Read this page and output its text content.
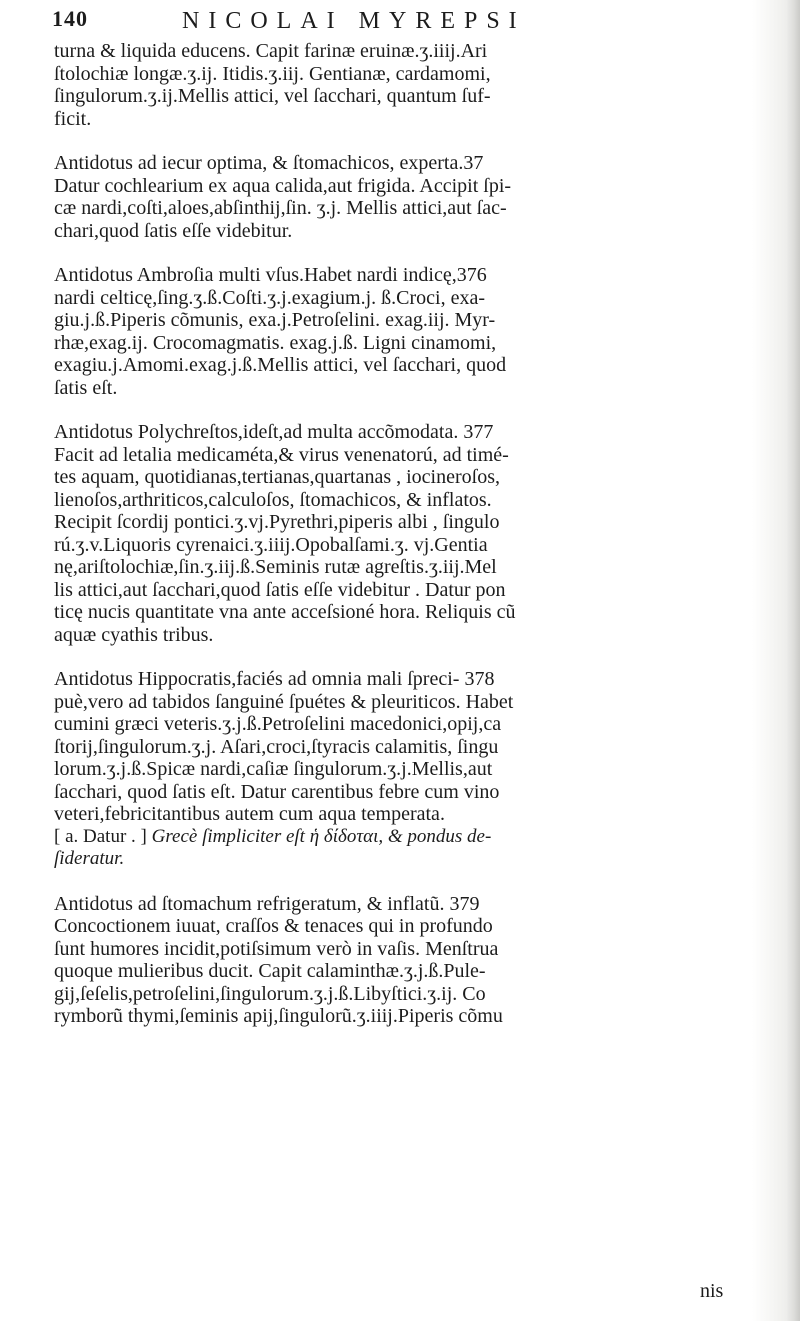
140	NICOLAI MYREPSI
turna & liquida educens. Capit farinæ eruinæ.ʒ.iiij.Ari
ſtolochiæ longæ.ʒ.ij. Itidis.ʒ.iij. Gentianæ, cardamomi,
ſingulorum.ʒ.ij.Mellis attici, vel ſacchari, quantum ſuf-
ficit.
Antidotus ad iecur optima, & ſtomachicos, experta.37
Datur cochlearium ex aqua calida,aut frigida. Accipit ſpi-
cæ nardi,coſti,aloes,abſinthij,ſin. ʒ.j. Mellis attici,aut ſac-
chari,quod ſatis eſſe videbitur.
Antidotus Ambroſia multi vſus.Habet nardi indicę,376
nardi celticę,ſing.ʒ.ß.Coſti.ʒ.j.exagium.j. ß.Croci, exa-
giu.j.ß.Piperis cõmunis, exa.j.Petroſelini. exag.iij. Myr-
rhæ,exag.ij. Crocomagmatis. exag.j.ß. Ligni cinamomi,
exagiu.j.Amomi.exag.j.ß.Mellis attici, vel ſacchari, quod
ſatis eſt.
Antidotus Polychreſtos,ideſt,ad multa accõmodata. 377
Facit ad letalia medicaméta,& virus venenatorú, ad timé-
tes aquam, quotidianas,tertianas,quartanas , iocineroſos,
lienoſos,arthriticos,calculoſos, ſtomachicos, & inflatos.
Recipit ſcordij pontici.ʒ.vj.Pyrethri,piperis albi , ſingulo
rú.ʒ.v.Liquoris cyrenaici.ʒ.iiij.Opobalſami.ʒ. vj.Gentia
nę,ariſtolochiæ,ſin.ʒ.iij.ß.Seminis rutæ agreſtis.ʒ.iij.Mel
lis attici,aut ſacchari,quod ſatis eſſe videbitur . Datur pon
ticę nucis quantitate vna ante acceſsioné hora. Reliquis cũ
aquæ cyathis tribus.
Antidotus Hippocratis,faciés ad omnia mali ſpreci- 378
puè,vero ad tabidos ſanguiné ſpuétes & pleuriticos. Habet
cumini græci veteris.ʒ.j.ß.Petroſelini macedonici,opij,ca
ſtorij,ſingulorum.ʒ.j. Aſari,croci,ſtyracis calamitis, ſingu
lorum.ʒ.j.ß.Spicæ nardi,caſiæ ſingulorum.ʒ.j.Mellis,aut
ſacchari, quod ſatis eſt. Datur carentibus febre cum vino
veteri,febricitantibus autem cum aqua temperata.
[ a. Datur . ] Grecè ſimpliciter eſt ἡ δίδοται, & pondus de-
ſideratur.
Antidotus ad ſtomachum refrigeratum, & inflatũ. 379
Concoctionem iuuat, craſſos & tenaces qui in profundo
ſunt humores incidit,potiſsimum verò in vaſis. Menſtrua
quoque mulieribus ducit. Capit calaminthæ.ʒ.j.ß.Pule-
gij,ſeſelis,petroſelini,ſingulorum.ʒ.j.ß.Libyſtici.ʒ.ij. Co
rymborũ thymi,ſeminis apij,ſingulorũ.ʒ.iiij.Piperis cõmu
nis
